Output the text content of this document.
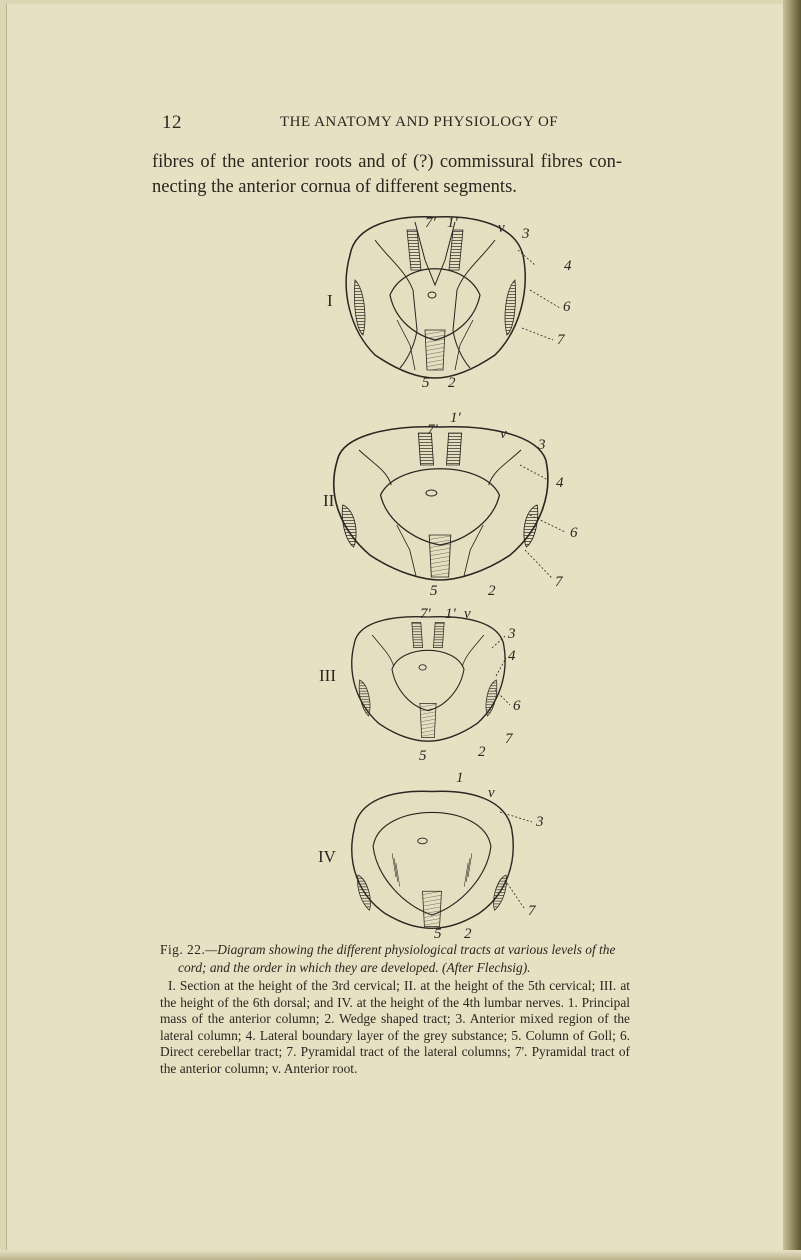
12	THE ANATOMY AND PHYSIOLOGY OF

fibres of the anterior roots and of (?) commissural fibres con- necting the anterior cornua of different segments.

I
7' 1'	v 3
4
6
7
5 2
II
7'
1'
v
3
4
6
7
5	2
III
7' 1' v
3
4
6
7
5	2
IV
1
v
3
7
5 2

Fig. 22.—Diagram showing the different physiological tracts at various levels of the

cord; and the order in which they are developed. (After Flechsig).

I. Section at the height of the 3rd cervical; II. at the height of the 5th cervical; III. at the height of the 6th dorsal; and IV. at the height of the 4th lumbar nerves. 1. Principal mass of the anterior column; 2. Wedge shaped tract; 3. Anterior mixed region of the lateral column; 4. Lateral boundary layer of the grey substance; 5. Column of Goll; 6. Direct cerebellar tract; 7. Pyramidal tract of the lateral columns; 7'. Pyramidal tract of the anterior column; v. Anterior root.
